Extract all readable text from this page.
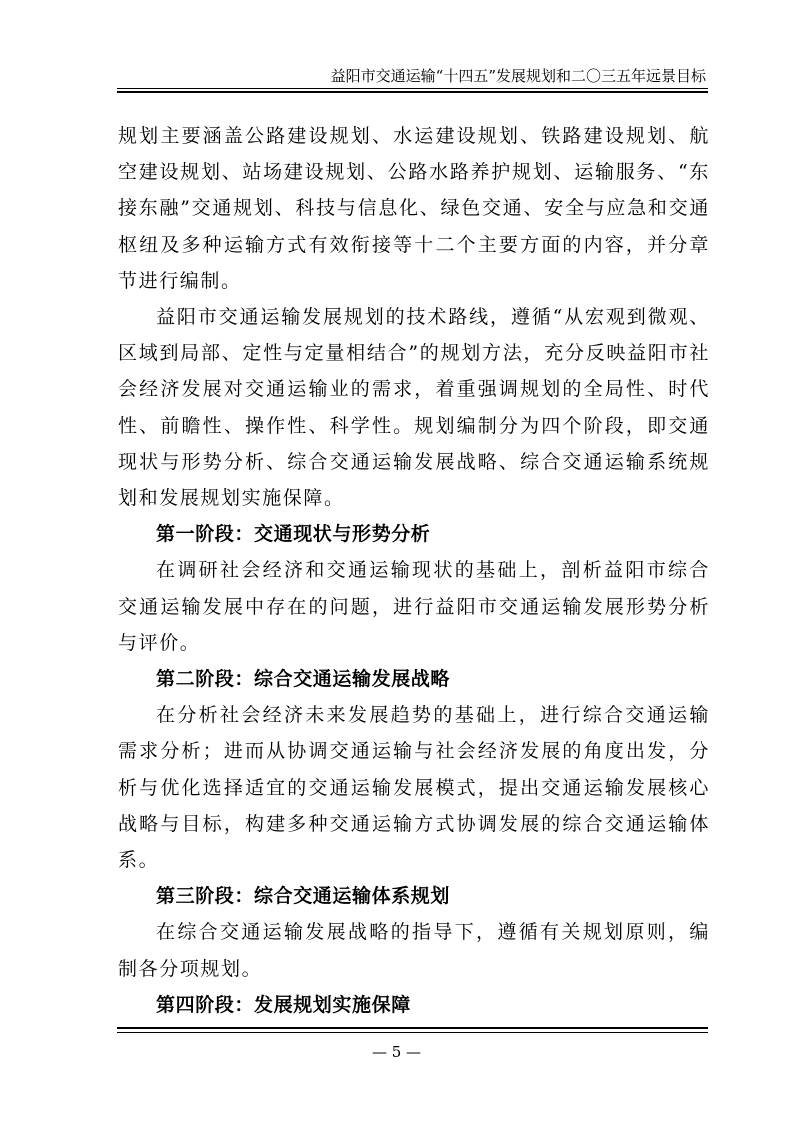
益阳市交通运输“十四五”发展规划和二〇三五年远景目标

规划主要涵盖公路建设规划、水运建设规划、铁路建设规划、航空建设规划、站场建设规划、公路水路养护规划、运输服务、“东接东融”交通规划、科技与信息化、绿色交通、安全与应急和交通枢纽及多种运输方式有效衔接等十二个主要方面的内容，并分章节进行编制。

益阳市交通运输发展规划的技术路线，遵循“从宏观到微观、区域到局部、定性与定量相结合”的规划方法，充分反映益阳市社会经济发展对交通运输业的需求，着重强调规划的全局性、时代性、前瞻性、操作性、科学性。规划编制分为四个阶段，即交通现状与形势分析、综合交通运输发展战略、综合交通运输系统规划和发展规划实施保障。

第一阶段：交通现状与形势分析

在调研社会经济和交通运输现状的基础上，剖析益阳市综合交通运输发展中存在的问题，进行益阳市交通运输发展形势分析与评价。

第二阶段：综合交通运输发展战略

在分析社会经济未来发展趋势的基础上，进行综合交通运输需求分析；进而从协调交通运输与社会经济发展的角度出发，分析与优化选择适宜的交通运输发展模式，提出交通运输发展核心战略与目标，构建多种交通运输方式协调发展的综合交通运输体系。

第三阶段：综合交通运输体系规划

在综合交通运输发展战略的指导下，遵循有关规划原则，编制各分项规划。

第四阶段：发展规划实施保障

— 5 —
